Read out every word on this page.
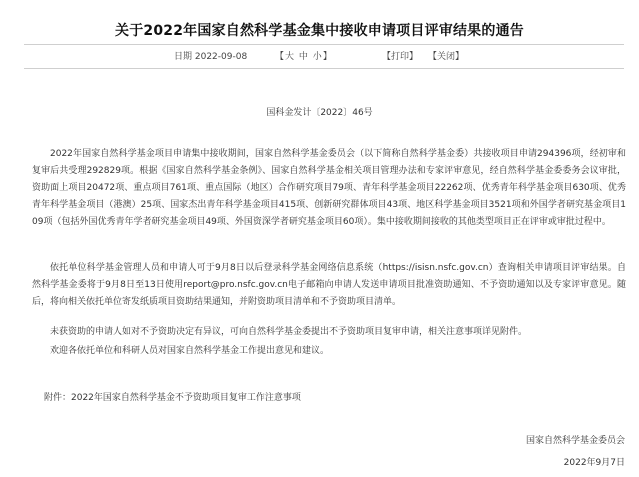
关于2022年国家自然科学基金集中接收申请项目评审结果的通告
日期 2022-09-08	【大 中 小】	【打印】 【关闭】
国科金发计〔2022〕46号

2022年国家自然科学基金项目申请集中接收期间，国家自然科学基金委员会（以下简称自然科学基金委）共接收项目申请294396项，经初审和复审后共受理292829项。根据《国家自然科学基金条例》、国家自然科学基金相关项目管理办法和专家评审意见，经自然科学基金委委务会议审批，资助面上项目20472项、重点项目761项、重点国际（地区）合作研究项目79项、青年科学基金项目22262项、优秀青年科学基金项目630项、优秀青年科学基金项目（港澳）25项、国家杰出青年科学基金项目415项、创新研究群体项目43项、地区科学基金项目3521项和外国学者研究基金项目109项（包括外国优秀青年学者研究基金项目49项、外国资深学者研究基金项目60项）。集中接收期间接收的其他类型项目正在评审或审批过程中。

依托单位科学基金管理人员和申请人可于9月8日以后登录科学基金网络信息系统（https://isisn.nsfc.gov.cn）查询相关申请项目评审结果。自然科学基金委将于9月8日至13日使用report@pro.nsfc.gov.cn电子邮箱向申请人发送申请项目批准资助通知、不予资助通知以及专家评审意见。随后，将向相关依托单位寄发纸质项目资助结果通知，并附资助项目清单和不予资助项目清单。

未获资助的申请人如对不予资助决定有异议，可向自然科学基金委提出不予资助项目复审申请，相关注意事项详见附件。

欢迎各依托单位和科研人员对国家自然科学基金工作提出意见和建议。

附件：2022年国家自然科学基金不予资助项目复审工作注意事项
国家自然科学基金委员会
2022年9月7日
